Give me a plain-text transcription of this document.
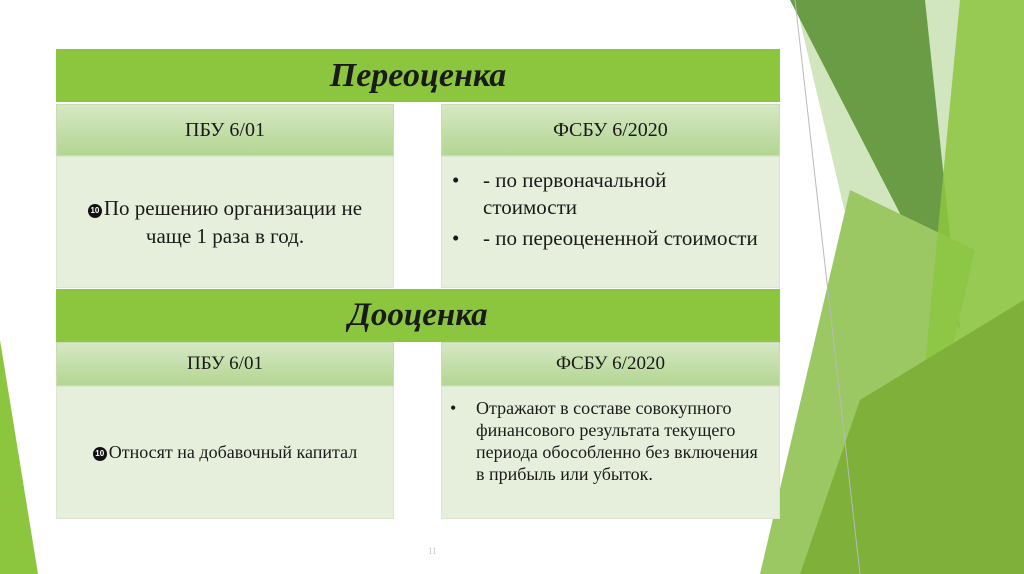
Переоценка
ПБУ 6/01	ФСБУ 6/2020
10 По решению организации не чаще 1 раза в год.
• - по первоначальной стоимости
• - по переоцененной стоимости
Дооценка
ПБУ 6/01	ФСБУ 6/2020
10 Относят на добавочный капитал
• Отражают в составе совокупного финансового результата текущего периода обособленно без включения в прибыль или убыток.
11
